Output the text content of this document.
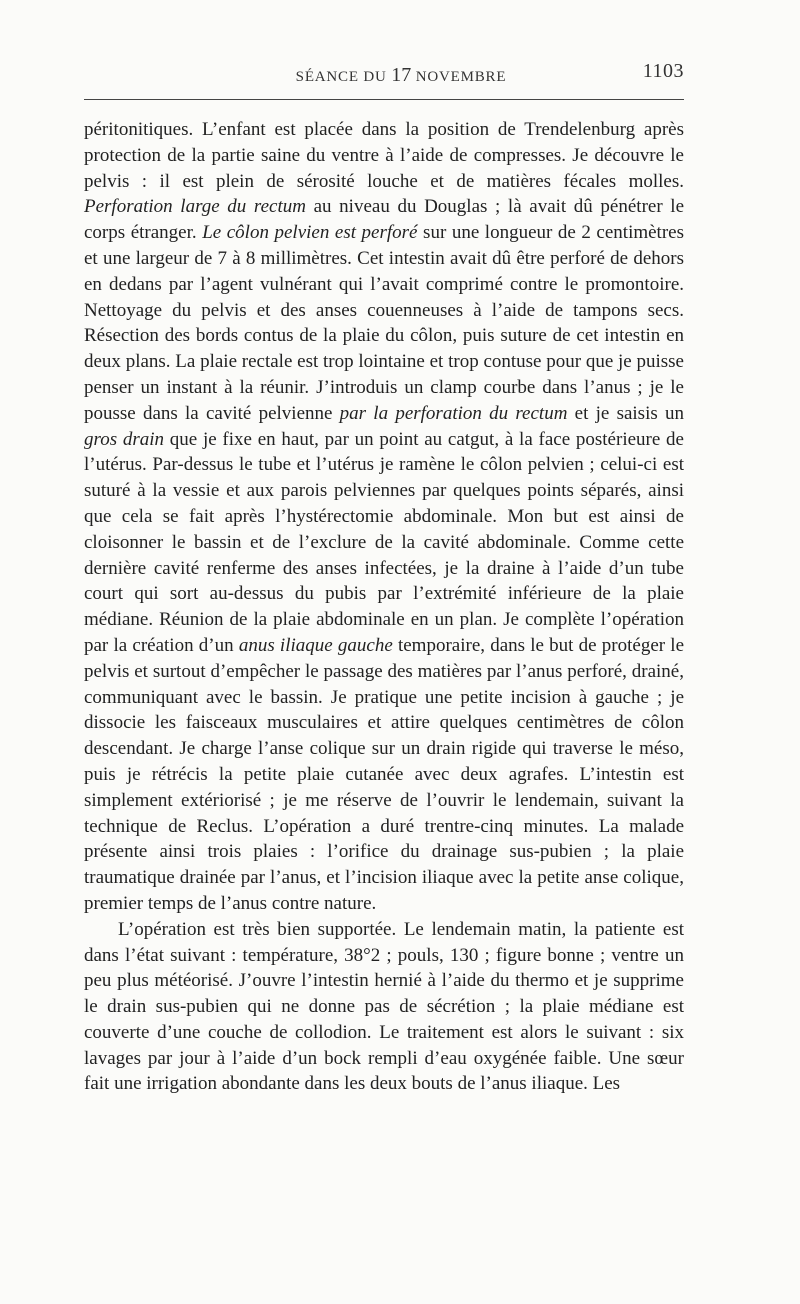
SÉANCE DU 17 NOVEMBRE	1103

péritonitiques. L’enfant est placée dans la position de Trendelenburg après protection de la partie saine du ventre à l’aide de compresses. Je découvre le pelvis : il est plein de sérosité louche et de matières fécales molles. Perforation large du rectum au niveau du Douglas ; là avait dû pénétrer le corps étranger. Le côlon pelvien est perforé sur une longueur de 2 centimètres et une largeur de 7 à 8 millimètres. Cet intestin avait dû être perforé de dehors en dedans par l’agent vulnérant qui l’avait comprimé contre le promontoire. Nettoyage du pelvis et des anses couenneuses à l’aide de tampons secs. Résection des bords contus de la plaie du côlon, puis suture de cet intestin en deux plans. La plaie rectale est trop lointaine et trop contuse pour que je puisse penser un instant à la réunir. J’introduis un clamp courbe dans l’anus ; je le pousse dans la cavité pelvienne par la perforation du rectum et je saisis un gros drain que je fixe en haut, par un point au catgut, à la face postérieure de l’utérus. Par-dessus le tube et l’utérus je ramène le côlon pelvien ; celui-ci est suturé à la vessie et aux parois pelviennes par quelques points séparés, ainsi que cela se fait après l’hystérectomie abdominale. Mon but est ainsi de cloisonner le bassin et de l’exclure de la cavité abdominale. Comme cette dernière cavité renferme des anses infectées, je la draine à l’aide d’un tube court qui sort au-dessus du pubis par l’extrémité inférieure de la plaie médiane. Réunion de la plaie abdominale en un plan. Je complète l’opération par la création d’un anus iliaque gauche temporaire, dans le but de protéger le pelvis et surtout d’empêcher le passage des matières par l’anus perforé, drainé, communiquant avec le bassin. Je pratique une petite incision à gauche ; je dissocie les faisceaux musculaires et attire quelques centimètres de côlon descendant. Je charge l’anse colique sur un drain rigide qui traverse le méso, puis je rétrécis la petite plaie cutanée avec deux agrafes. L’intestin est simplement extériorisé ; je me réserve de l’ouvrir le lendemain, suivant la technique de Reclus. L’opération a duré trentre-cinq minutes. La malade présente ainsi trois plaies : l’orifice du drainage sus-pubien ; la plaie traumatique drainée par l’anus, et l’incision iliaque avec la petite anse colique, premier temps de l’anus contre nature.

L’opération est très bien supportée. Le lendemain matin, la patiente est dans l’état suivant : température, 38°2 ; pouls, 130 ; figure bonne ; ventre un peu plus météorisé. J’ouvre l’intestin hernié à l’aide du thermo et je supprime le drain sus-pubien qui ne donne pas de sécrétion ; la plaie médiane est couverte d’une couche de collodion. Le traitement est alors le suivant : six lavages par jour à l’aide d’un bock rempli d’eau oxygénée faible. Une sœur fait une irrigation abondante dans les deux bouts de l’anus iliaque. Les
